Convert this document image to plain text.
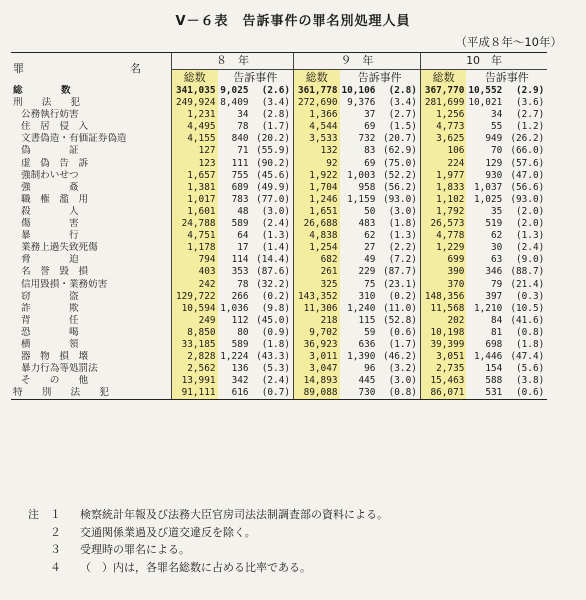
Ⅴ－６表　告訴事件の罪名別処理人員
（平成８年～10年）
罪　　名	８　年			９　年			10　年		
	総数	告訴事件		総数	告訴事件		総数	告訴事件	
総　　　　数	341,035	9,025	(2.6)	361,778	10,106	(2.8)	367,770	10,552	(2.9)
刑　　法　　犯	249,924	8,409	(3.4)	272,690	9,376	(3.4)	281,699	10,021	(3.6)
公務執行妨害	1,231	34	(2.8)	1,366	37	(2.7)	1,256	34	(2.7)
住　居　侵　入	4,495	78	(1.7)	4,544	69	(1.5)	4,773	55	(1.2)
文書偽造・有価証券偽造	4,155	840	(20.2)	3,533	732	(20.7)	3,625	949	(26.2)
偽　　　　証	127	71	(55.9)	132	83	(62.9)	106	70	(66.0)
虚　偽　告　訴	123	111	(90.2)	92	69	(75.0)	224	129	(57.6)
強制わいせつ	1,657	755	(45.6)	1,922	1,003	(52.2)	1,977	930	(47.0)
強　　　　姦	1,381	689	(49.9)	1,704	958	(56.2)	1,833	1,037	(56.6)
職　権　濫　用	1,017	783	(77.0)	1,246	1,159	(93.0)	1,102	1,025	(93.0)
殺　　　　人	1,601	48	(3.0)	1,651	50	(3.0)	1,792	35	(2.0)
傷　　　　害	24,788	589	(2.4)	26,688	483	(1.8)	26,573	519	(2.0)
暴　　　　行	4,751	64	(1.3)	4,838	62	(1.3)	4,778	62	(1.3)
業務上過失致死傷	1,178	17	(1.4)	1,254	27	(2.2)	1,229	30	(2.4)
脅　　　　迫	794	114	(14.4)	682	49	(7.2)	699	63	(9.0)
名　誉　毀　損	403	353	(87.6)	261	229	(87.7)	390	346	(88.7)
信用毀損・業務妨害	242	78	(32.2)	325	75	(23.1)	370	79	(21.4)
窃　　　　盗	129,722	266	(0.2)	143,352	310	(0.2)	148,356	397	(0.3)
詐　　　　欺	10,594	1,036	(9.8)	11,306	1,240	(11.0)	11,568	1,210	(10.5)
背　　　　任	249	112	(45.0)	218	115	(52.8)	202	84	(41.6)
恐　　　　喝	8,850	80	(0.9)	9,702	59	(0.6)	10,198	81	(0.8)
横　　　　領	33,185	589	(1.8)	36,923	636	(1.7)	39,399	698	(1.8)
器　物　損　壊	2,828	1,224	(43.3)	3,011	1,390	(46.2)	3,051	1,446	(47.4)
暴力行為等処罰法	2,562	136	(5.3)	3,047	96	(3.2)	2,735	154	(5.6)
そ　　の　　他	13,991	342	(2.4)	14,893	445	(3.0)	15,463	588	(3.8)
特　　別　　法　　犯	91,111	616	(0.7)	89,088	730	(0.8)	86,071	531	(0.6)
注	１	検察統計年報及び法務大臣官房司法法制調査部の資料による。
２	交通関係業過及び道交違反を除く。
３	受理時の罪名による。
４	（　）内は，各罪名総数に占める比率である。
